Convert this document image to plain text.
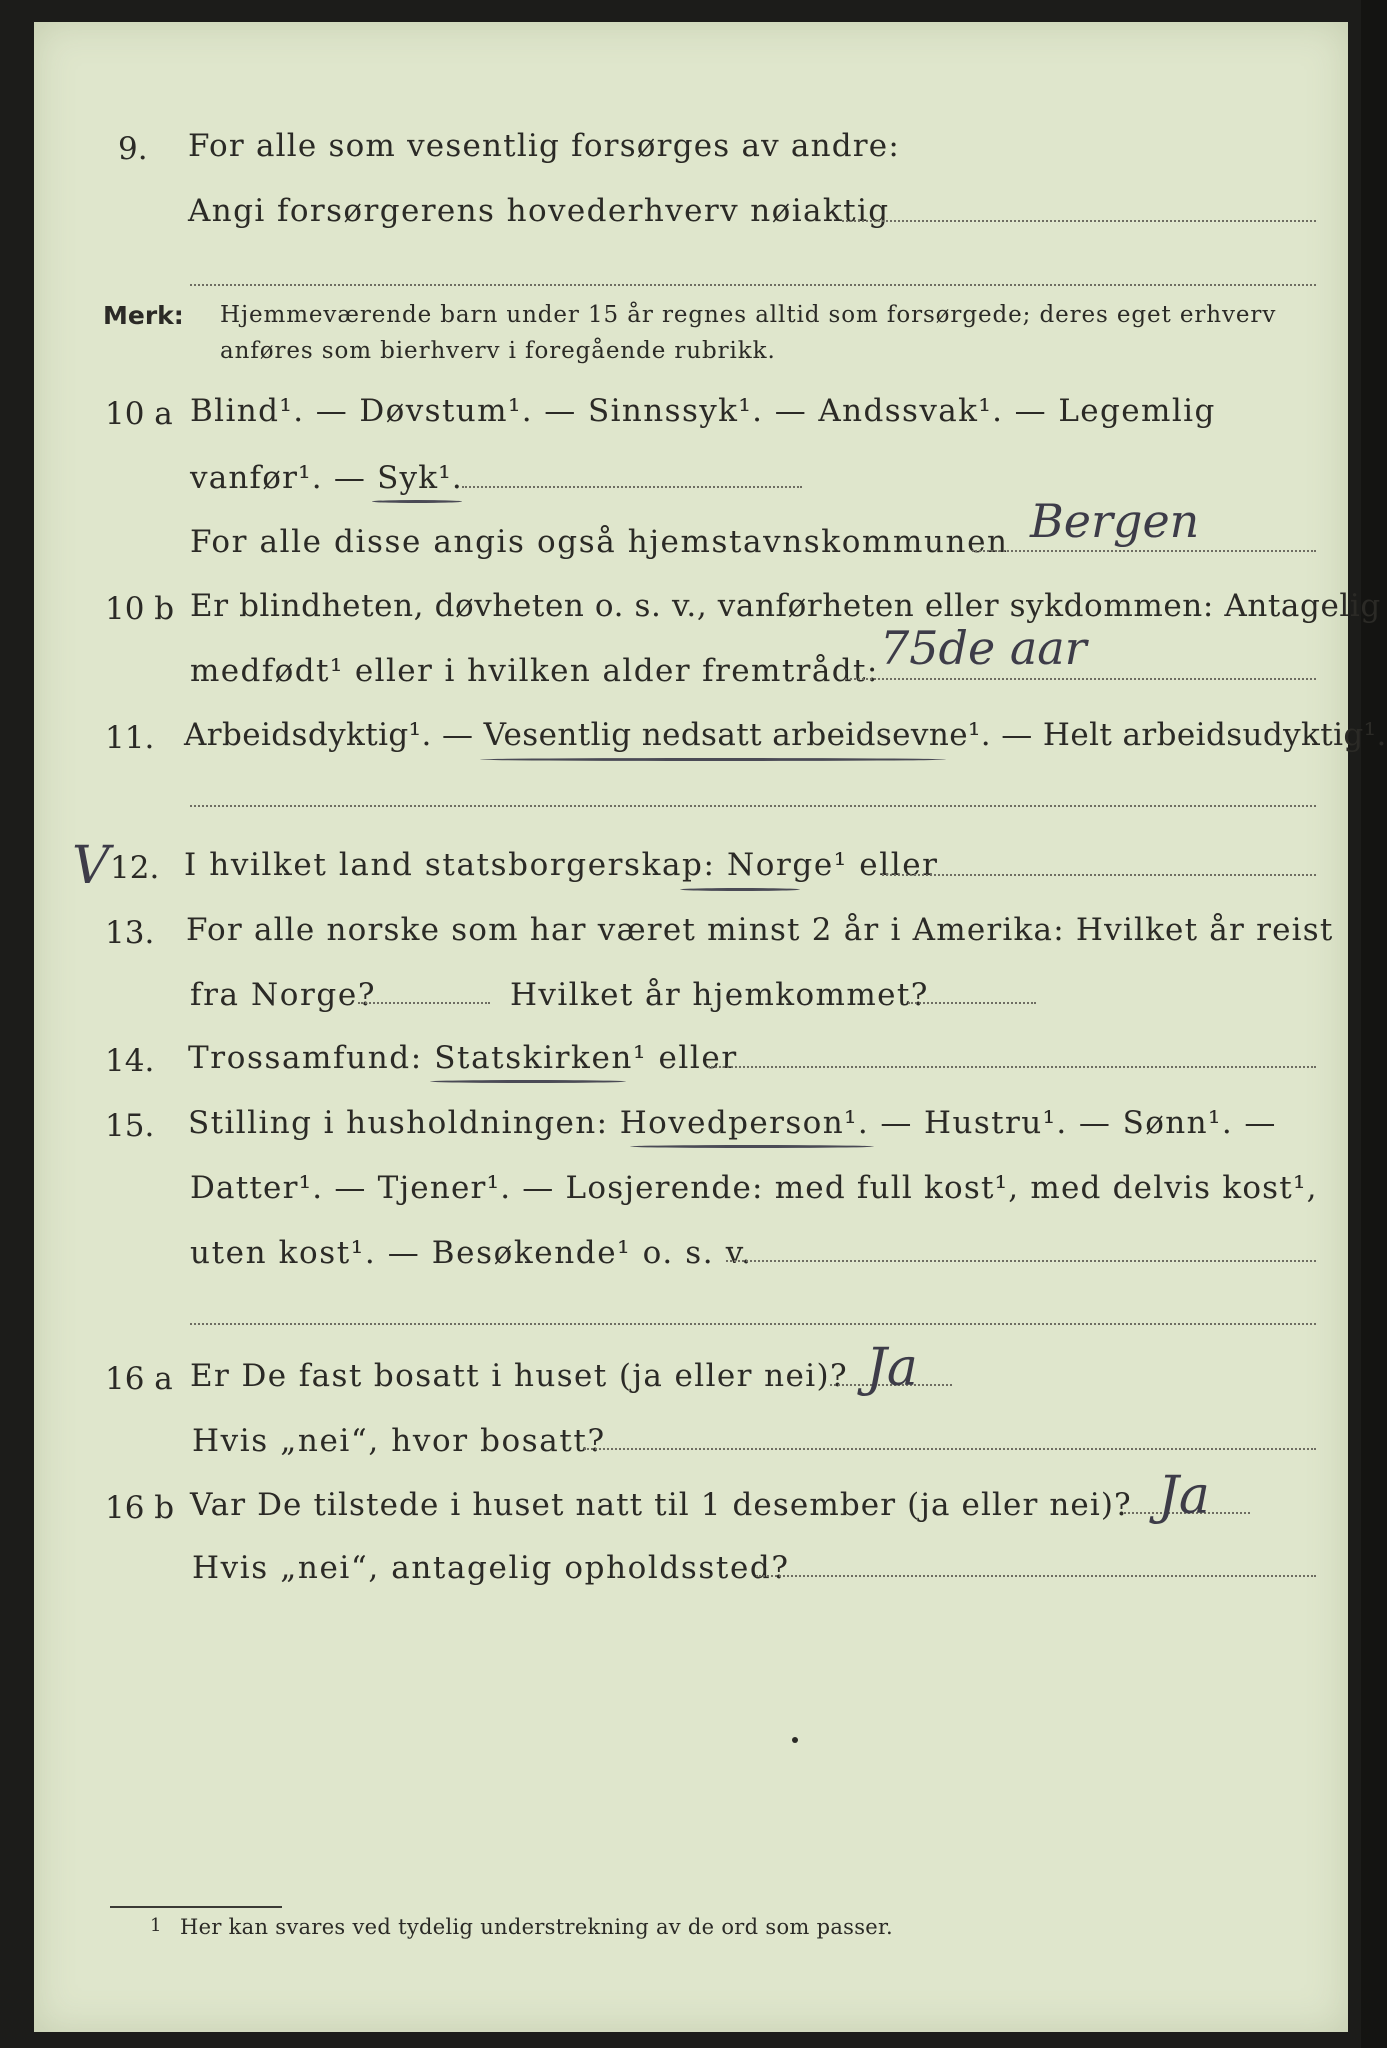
9. For alle som vesentlig forsørges av andre:
Angi forsørgerens hovederhverv nøiaktig
Merk: Hjemmeværende barn under 15 år regnes alltid som forsørgede; deres eget erhverv
anføres som bierhverv i foregående rubrikk.
10 a Blind¹. — Døvstum¹. — Sinnssyk¹. — Andssvak¹. — Legemlig
vanfør¹. — Syk¹.
For alle disse angis også hjemstavnskommunen Bergen
10 b Er blindheten, døvheten o. s. v., vanførheten eller sykdommen: Antagelig
medfødt¹ eller i hvilken alder fremtrådt: 75de aar
11. Arbeidsdyktig¹. — Vesentlig nedsatt arbeidsevne¹. — Helt arbeidsudyktig¹.
V 12. I hvilket land statsborgerskap: Norge¹ eller
13. For alle norske som har været minst 2 år i Amerika: Hvilket år reist
fra Norge?	Hvilket år hjemkommet?
14. Trossamfund: Statskirken¹ eller
15. Stilling i husholdningen: Hovedperson¹. — Hustru¹. — Sønn¹. —
Datter¹. — Tjener¹. — Losjerende: med full kost¹, med delvis kost¹,
uten kost¹. — Besøkende¹ o. s. v.
16 a Er De fast bosatt i huset (ja eller nei)? Ja
Hvis „nei“, hvor bosatt?
16 b Var De tilstede i huset natt til 1 desember (ja eller nei)? Ja
Hvis „nei“, antagelig opholdssted?
1 Her kan svares ved tydelig understrekning av de ord som passer.
